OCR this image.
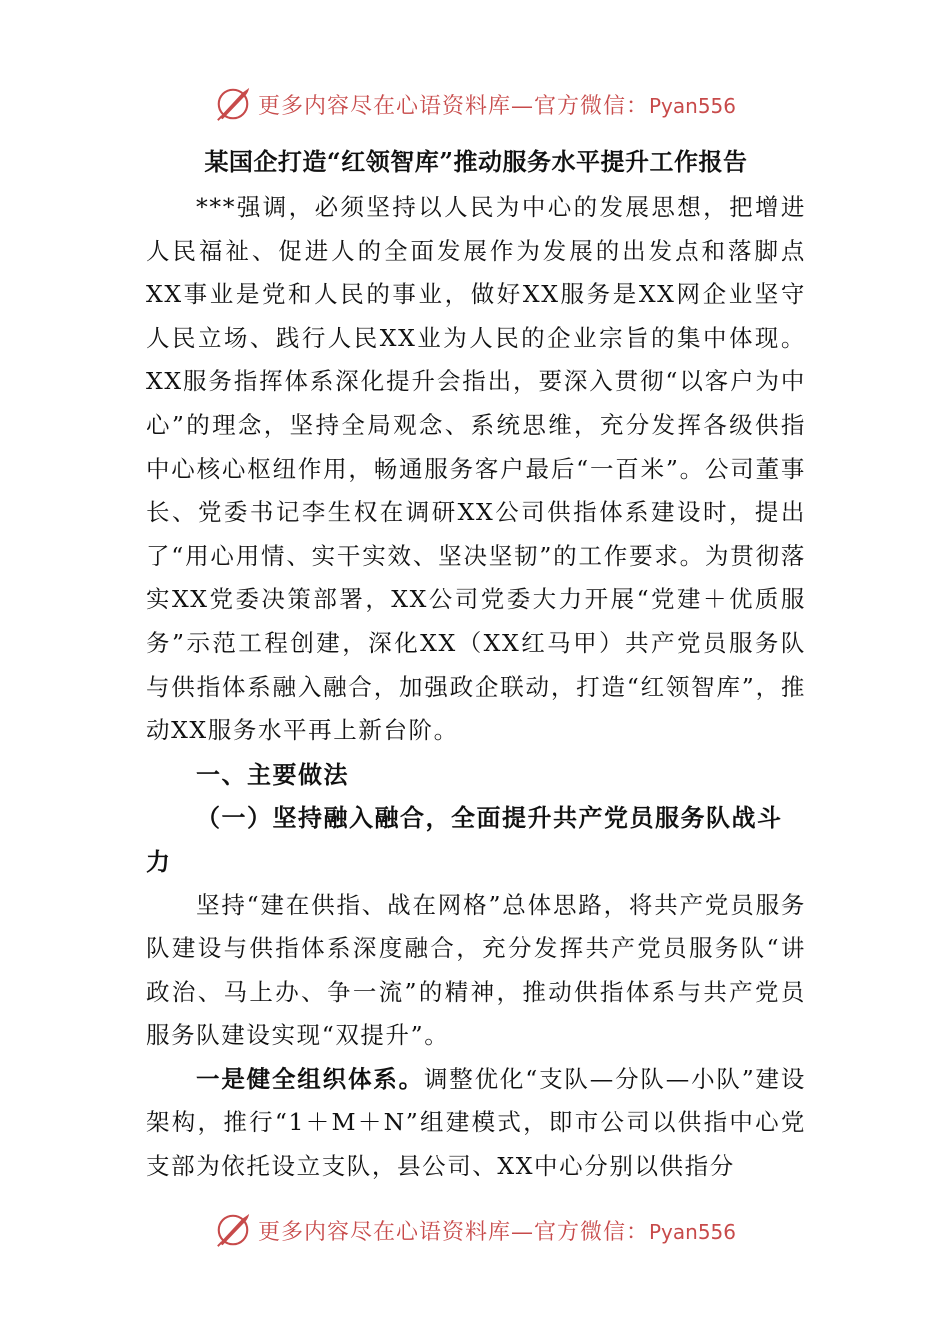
更多内容尽在心语资料库—官方微信：Pyan556
某国企打造“红领智库”推动服务水平提升工作报告

***强调，必须坚持以人民为中心的发展思想，把增进人民福祉、促进人的全面发展作为发展的出发点和落脚点XX事业是党和人民的事业，做好XX服务是XX网企业坚守人民立场、践行人民XX业为人民的企业宗旨的集中体现。XX服务指挥体系深化提升会指出，要深入贯彻“以客户为中心”的理念，坚持全局观念、系统思维，充分发挥各级供指中心核心枢纽作用，畅通服务客户最后“一百米”。公司董事长、党委书记李生权在调研XX公司供指体系建设时，提出了“用心用情、实干实效、坚决坚韧”的工作要求。为贯彻落实XX党委决策部署，XX公司党委大力开展“党建＋优质服务”示范工程创建，深化XX（XX红马甲）共产党员服务队与供指体系融入融合，加强政企联动，打造“红领智库”，推动XX服务水平再上新台阶。

一、主要做法

（一）坚持融入融合，全面提升共产党员服务队战斗力

坚持“建在供指、战在网格”总体思路，将共产党员服务队建设与供指体系深度融合，充分发挥共产党员服务队“讲政治、马上办、争一流”的精神，推动供指体系与共产党员服务队建设实现“双提升”。

一是健全组织体系。调整优化“支队—分队—小队”建设架构，推行“1＋M＋N”组建模式，即市公司以供指中心党支部为依托设立支队，县公司、XX中心分别以供指分

更多内容尽在心语资料库—官方微信：Pyan556
